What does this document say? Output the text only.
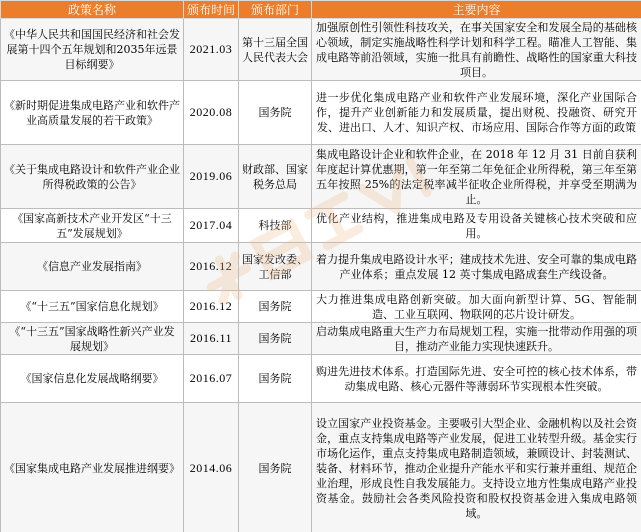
政策名称	颁布时间	颁布部门	主要内容
《中华人民共和国国民经济和社会发展第十四个五年规划和2035年远景目标纲要》	2021.03	第十三届全国人民代表大会	加强原创性引领性科技攻关，在事关国家安全和发展全局的基础核心领域，制定实施战略性科学计划和科学工程。瞄准人工智能、集成电路等前沿领域，实施一批具有前瞻性、战略性的国家重大科技项目。
《新时期促进集成电路产业和软件产业高质量发展的若干政策》	2020.08	国务院	进一步优化集成电路产业和软件产业发展环境，深化产业国际合作，提升产业创新能力和发展质量，提出财税、投融资、研究开发、进出口、人才、知识产权、市场应用、国际合作等方面的政策
《关于集成电路设计和软件产业企业所得税政策的公告》	2019.06	财政部、国家税务总局	集成电路设计企业和软件企业，在 2018 年 12 月 31 日前自获利年度起计算优惠期，第一年至第二年免征企业所得税，第三年至第五年按照 25%的法定税率减半征收企业所得税，并享受至期满为止。
《国家高新技术产业开发区“十三五”发展规划》	2017.04	科技部	优化产业结构，推进集成电路及专用设备关键核心技术突破和应用。
《信息产业发展指南》	2016.12	国家发改委、工信部	着力提升集成电路设计水平；建成技术先进、安全可靠的集成电路产业体系；重点发展 12 英寸集成电路成套生产线设备。
《“十三五”国家信息化规划》	2016.12	国务院	大力推进集成电路创新突破。加大面向新型计算、5G、智能制造、工业互联网、物联网的芯片设计研发。
《“十三五”国家战略性新兴产业发展规划》	2016.11	国务院	启动集成电路重大生产力布局规划工程，实施一批带动作用强的项目，推动产业能力实现快速跃升。
《国家信息化发展战略纲要》	2016.07	国务院	购进先进技术体系。打造国际先进、安全可控的核心技术体系，带动集成电路、核心元器件等薄弱环节实现根本性突破。
《国家集成电路产业发展推进纲要》	2014.06	国务院	设立国家产业投资基金。主要吸引大型企业、金融机构以及社会资金，重点支持集成电路等产业发展，促进工业转型升级。基金实行市场化运作，重点支持集成电路制造领域，兼顾设计、封装测试、装备、材料环节，推动企业提升产能水平和实行兼并重组、规范企业治理，形成良性自我发展能力。支持设立地方性集成电路产业投资基金。鼓励社会各类风险投资和股权投资基金进入集成电路领域。
